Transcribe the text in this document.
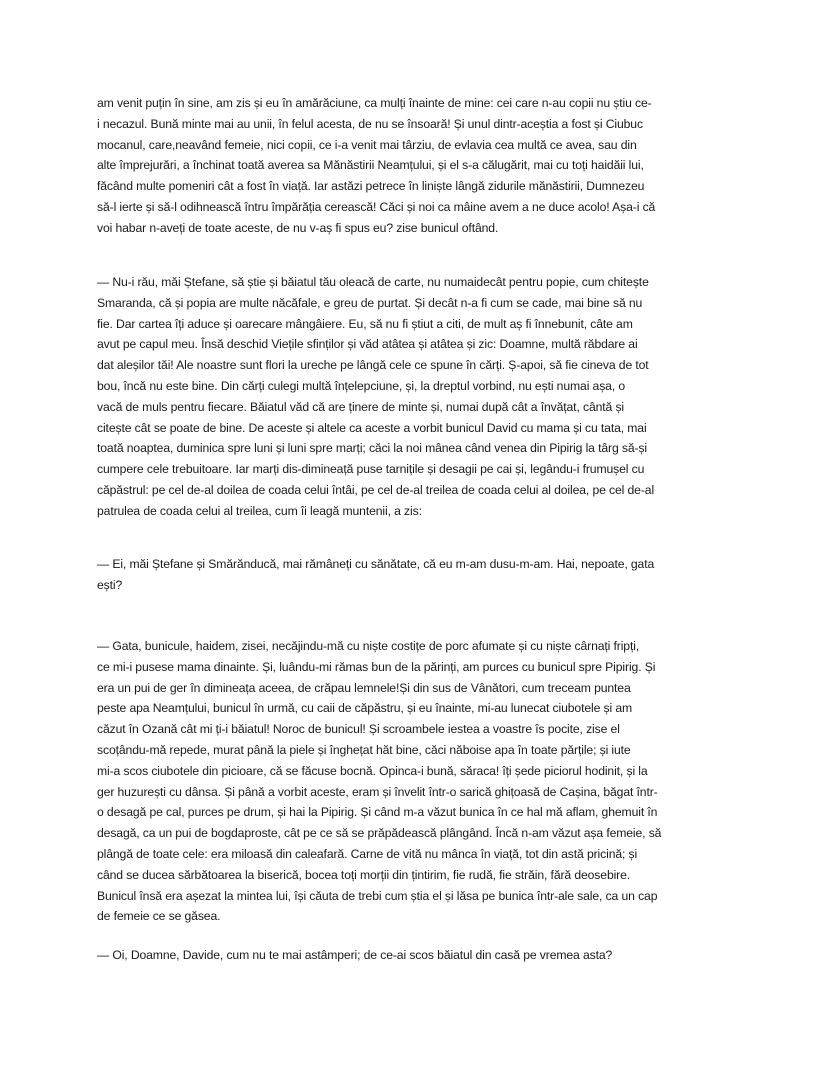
am venit puțin în sine, am zis și eu în amărăciune, ca mulți înainte de mine: cei care n-au copii nu știu ce-
i necazul. Bună minte mai au unii, în felul acesta, de nu se însoară! Și unul dintr-aceștia a fost și Ciubuc
mocanul, care,neavând femeie, nici copii, ce i-a venit mai târziu, de evlavia cea multă ce avea, sau din
alte împrejurări, a închinat toată averea sa Mănăstirii Neamțului, și el s-a călugărit, mai cu toți haidăii lui,
făcând multe pomeniri cât a fost în viață. Iar astăzi petrece în liniște lângă zidurile mănăstirii, Dumnezeu
să-l ierte și să-l odihnească întru împărăția cerească! Căci și noi ca mâine avem a ne duce acolo! Așa-i că
voi habar n-aveți de toate aceste, de nu v-aș fi spus eu? zise bunicul oftând.

— Nu-i rău, măi Ștefane, să știe și băiatul tău oleacă de carte, nu numaidecât pentru popie, cum chitește
Smaranda, că și popia are multe năcăfale, e greu de purtat. Și decât n-a fi cum se cade, mai bine să nu
fie. Dar cartea îți aduce și oarecare mângâiere. Eu, să nu fi știut a citi, de mult aș fi înnebunit, câte am
avut pe capul meu. Însă deschid Viețile sfinților și văd atâtea și atâtea și zic: Doamne, multă răbdare ai
dat aleșilor tăi! Ale noastre sunt flori la ureche pe lângă cele ce spune în cărți. Ș-apoi, să fie cineva de tot
bou, încă nu este bine. Din cărți culegi multă înțelepciune, și, la dreptul vorbind, nu ești numai așa, o
vacă de muls pentru fiecare. Băiatul văd că are ținere de minte și, numai după cât a învățat, cântă și
citește cât se poate de bine. De aceste și altele ca aceste a vorbit bunicul David cu mama și cu tata, mai
toată noaptea, duminica spre luni și luni spre marți; căci la noi mânea când venea din Pipirig la târg să-și
cumpere cele trebuitoare. Iar marți dis-dimineață puse tarnițile și desagii pe cai și, legându-i frumușel cu
căpăstrul: pe cel de-al doilea de coada celui întâi, pe cel de-al treilea de coada celui al doilea, pe cel de-al
patrulea de coada celui al treilea, cum îi leagă muntenii, a zis:

— Ei, măi Ștefane și Smărănducă, mai rămâneți cu sănătate, că eu m-am dusu-m-am. Hai, nepoate, gata
ești?

— Gata, bunicule, haidem, zisei, necăjindu-mă cu niște costițe de porc afumate și cu niște cârnați fripți,
ce mi-i pusese mama dinainte. Și, luându-mi rămas bun de la părinți, am purces cu bunicul spre Pipirig. Și
era un pui de ger în dimineața aceea, de crăpau lemnele!Și din sus de Vânători, cum treceam puntea
peste apa Neamțului, bunicul în urmă, cu caii de căpăstru, și eu înainte, mi-au lunecat ciubotele și am
căzut în Ozană cât mi ți-i băiatul! Noroc de bunicul! Și scroambele iestea a voastre îs pocite, zise el
scoțându-mă repede, murat până la piele și înghețat hăt bine, căci năboise apa în toate părțile; și iute
mi-a scos ciubotele din picioare, că se făcuse bocnă. Opinca-i bună, săraca! îți șede piciorul hodinit, și la
ger huzurești cu dânsa. Și până a vorbit aceste, eram și învelit într-o sarică ghițoasă de Cașina, băgat într-
o desagă pe cal, purces pe drum, și hai la Pipirig. Și când m-a văzut bunica în ce hal mă aflam, ghemuit în
desagă, ca un pui de bogdaproste, cât pe ce să se prăpădească plângând. Încă n-am văzut așa femeie, să
plângă de toate cele: era miloasă din caleafară. Carne de vită nu mânca în viață, tot din astă pricină; și
când se ducea sărbătoarea la biserică, bocea toți morții din țintirim, fie rudă, fie străin, fără deosebire.
Bunicul însă era așezat la mintea lui, își căuta de trebi cum știa el și lăsa pe bunica într-ale sale, ca un cap
de femeie ce se găsea.

— Oi, Doamne, Davide, cum nu te mai astâmperi; de ce-ai scos băiatul din casă pe vremea asta?
